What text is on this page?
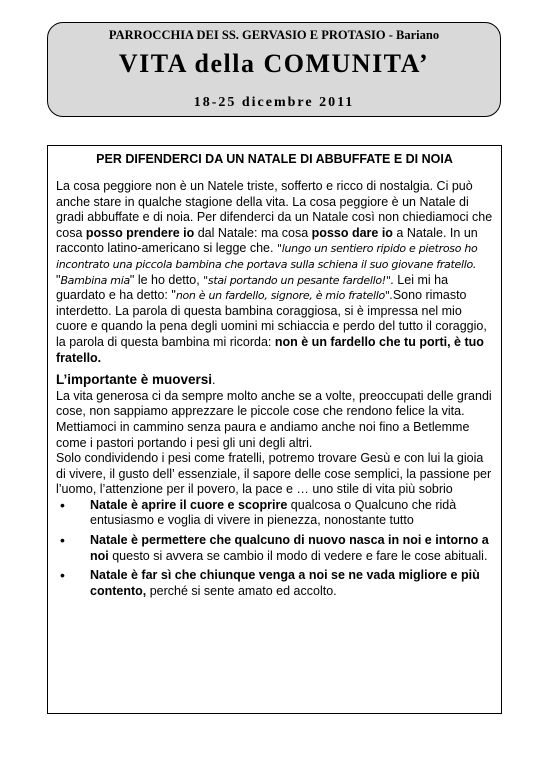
PARROCCHIA DEI SS. GERVASIO E PROTASIO - Bariano
VITA della COMUNITA’
18-25 dicembre 2011
PER DIFENDERCI DA UN NATALE DI ABBUFFATE E DI NOIA

La cosa peggiore non è un Natele triste, sofferto e ricco di nostalgia. Ci può anche stare in qualche stagione della vita. La cosa peggiore è un Natale di gradi abbuffate e di noia. Per difenderci da un Natale così non chiediamoci che cosa posso prendere io dal Natale: ma cosa posso dare io a Natale. In un racconto latino-americano si legge che. "lungo un sentiero ripido e pietroso ho incontrato una piccola bambina che portava sulla schiena il suo giovane fratello. "Bambina mia" le ho detto, "stai portando un pesante fardello!". Lei mi ha guardato e ha detto: "non è un fardello, signore, è mio fratello".Sono rimasto interdetto. La parola di questa bambina coraggiosa, si è impressa nel mio cuore e quando la pena degli uomini mi schiaccia e perdo del tutto il coraggio, la parola di questa bambina mi ricorda: non è un fardello che tu porti, è tuo fratello.

L’importante è muoversi.

La vita generosa ci da sempre molto anche se a volte, preoccupati delle grandi cose, non sappiamo apprezzare le piccole cose che rendono felice la vita.

Mettiamoci in cammino senza paura e andiamo anche noi fino a Betlemme come i pastori portando i pesi gli uni degli altri.

Solo condividendo i pesi come fratelli, potremo trovare Gesù e con lui la gioia di vivere, il gusto dell’ essenziale, il sapore delle cose semplici, la passione per l’uomo, l’attenzione per il povero, la pace e … uno stile di vita più sobrio

• Natale è aprire il cuore e scoprire qualcosa o Qualcuno che ridà entusiasmo e voglia di vivere in pienezza, nonostante tutto
• Natale è permettere che qualcuno di nuovo nasca in noi e intorno a noi questo si avvera se cambio il modo di vedere e fare le cose abituali.
• Natale è far sì che chiunque venga a noi se ne vada migliore e più contento, perché si sente amato ed accolto.
